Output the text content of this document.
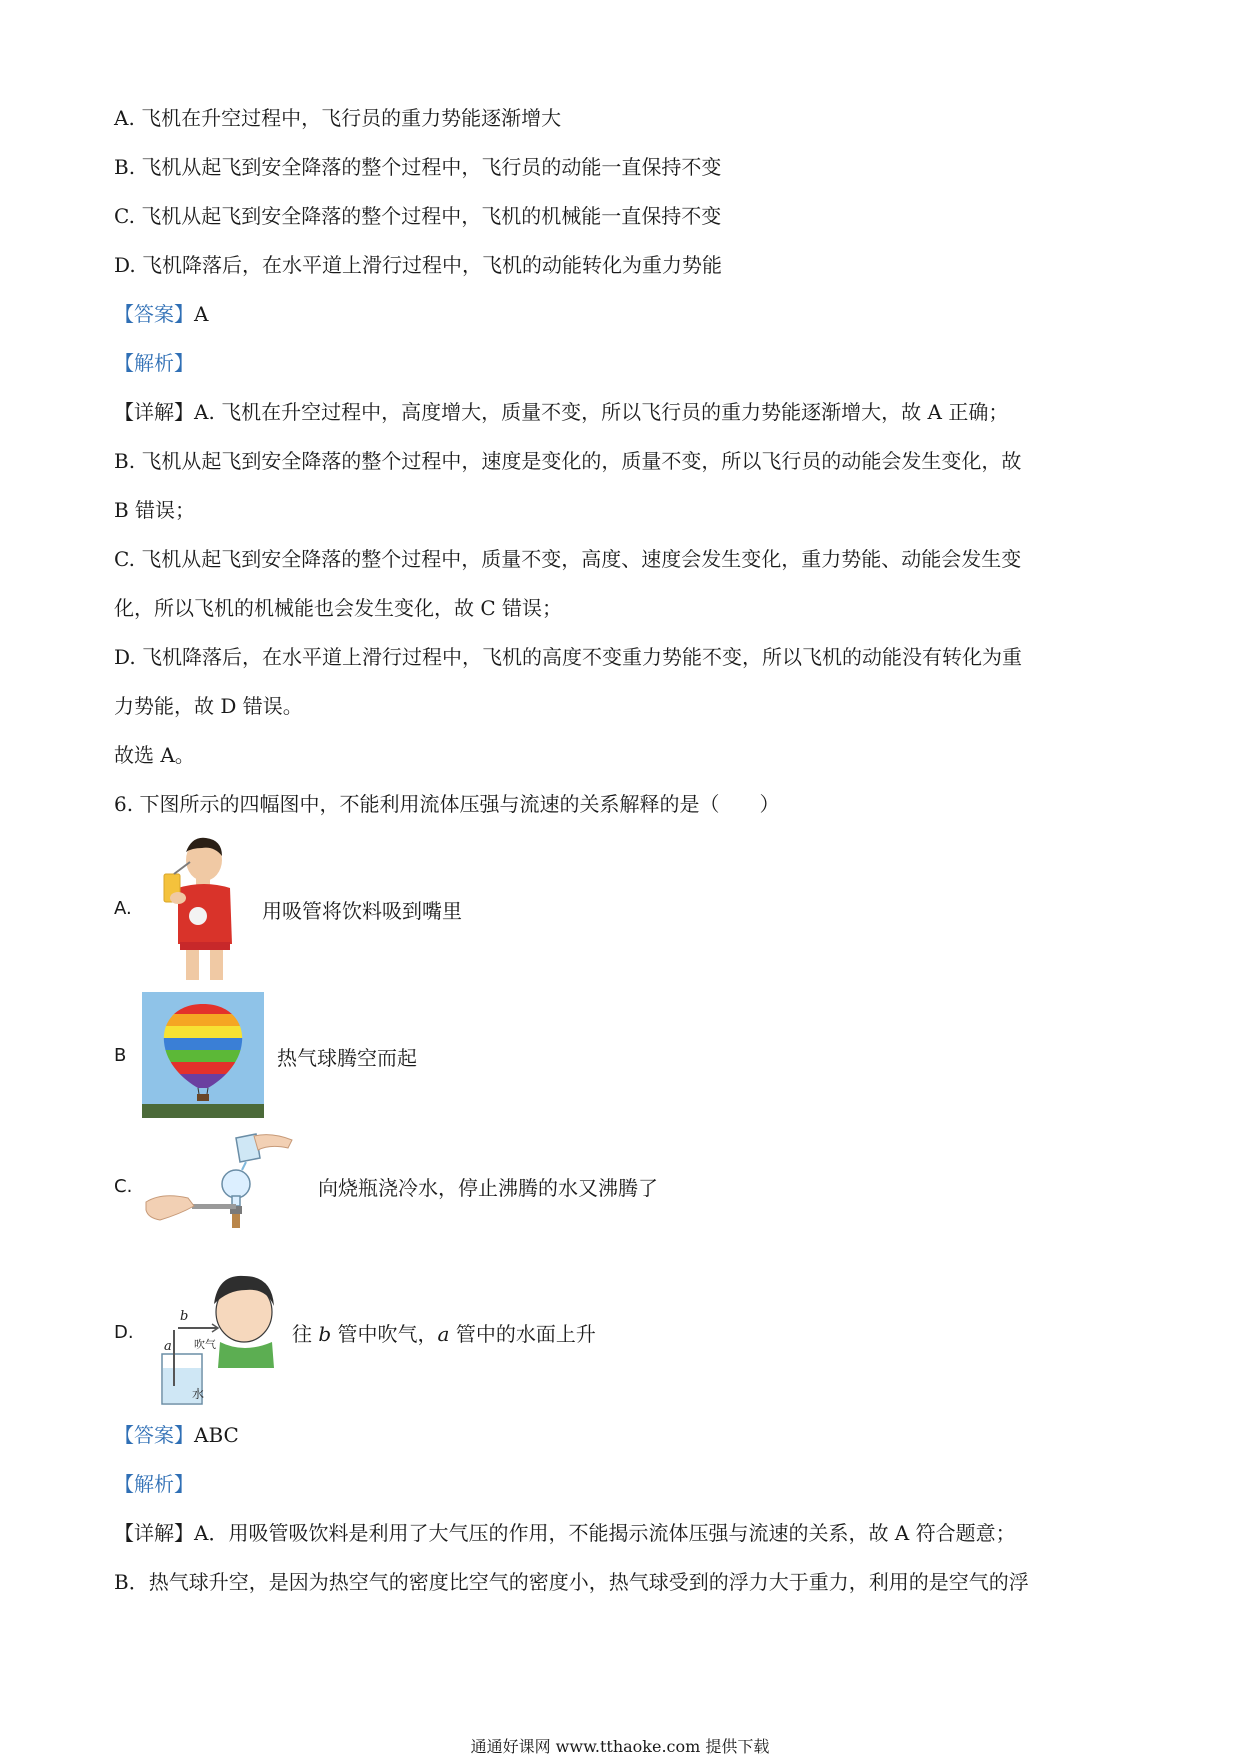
A. 飞机在升空过程中，飞行员的重力势能逐渐增大
B. 飞机从起飞到安全降落的整个过程中，飞行员的动能一直保持不变
C. 飞机从起飞到安全降落的整个过程中，飞机的机械能一直保持不变
D. 飞机降落后，在水平道上滑行过程中，飞机的动能转化为重力势能
【答案】A
【解析】
【详解】A. 飞机在升空过程中，高度增大，质量不变，所以飞行员的重力势能逐渐增大，故 A 正确；
B. 飞机从起飞到安全降落的整个过程中，速度是变化的，质量不变，所以飞行员的动能会发生变化，故
B 错误；
C. 飞机从起飞到安全降落的整个过程中，质量不变，高度、速度会发生变化，重力势能、动能会发生变
化，所以飞机的机械能也会发生变化，故 C 错误；
D. 飞机降落后，在水平道上滑行过程中，飞机的高度不变重力势能不变，所以飞机的动能没有转化为重
力势能，故 D 错误。
故选 A。
6. 下图所示的四幅图中，不能利用流体压强与流速的关系解释的是（　　）
A.	用吸管将饮料吸到嘴里
B	热气球腾空而起
C.	向烧瓶浇冷水，停止沸腾的水又沸腾了
D.
b
a 吹气
水
往 b 管中吹气，a 管中的水面上升
【答案】ABC
【解析】
【详解】A．用吸管吸饮料是利用了大气压的作用，不能揭示流体压强与流速的关系，故 A 符合题意；
B．热气球升空，是因为热空气的密度比空气的密度小，热气球受到的浮力大于重力，利用的是空气的浮
通通好课网 www.tthaoke.com 提供下载
